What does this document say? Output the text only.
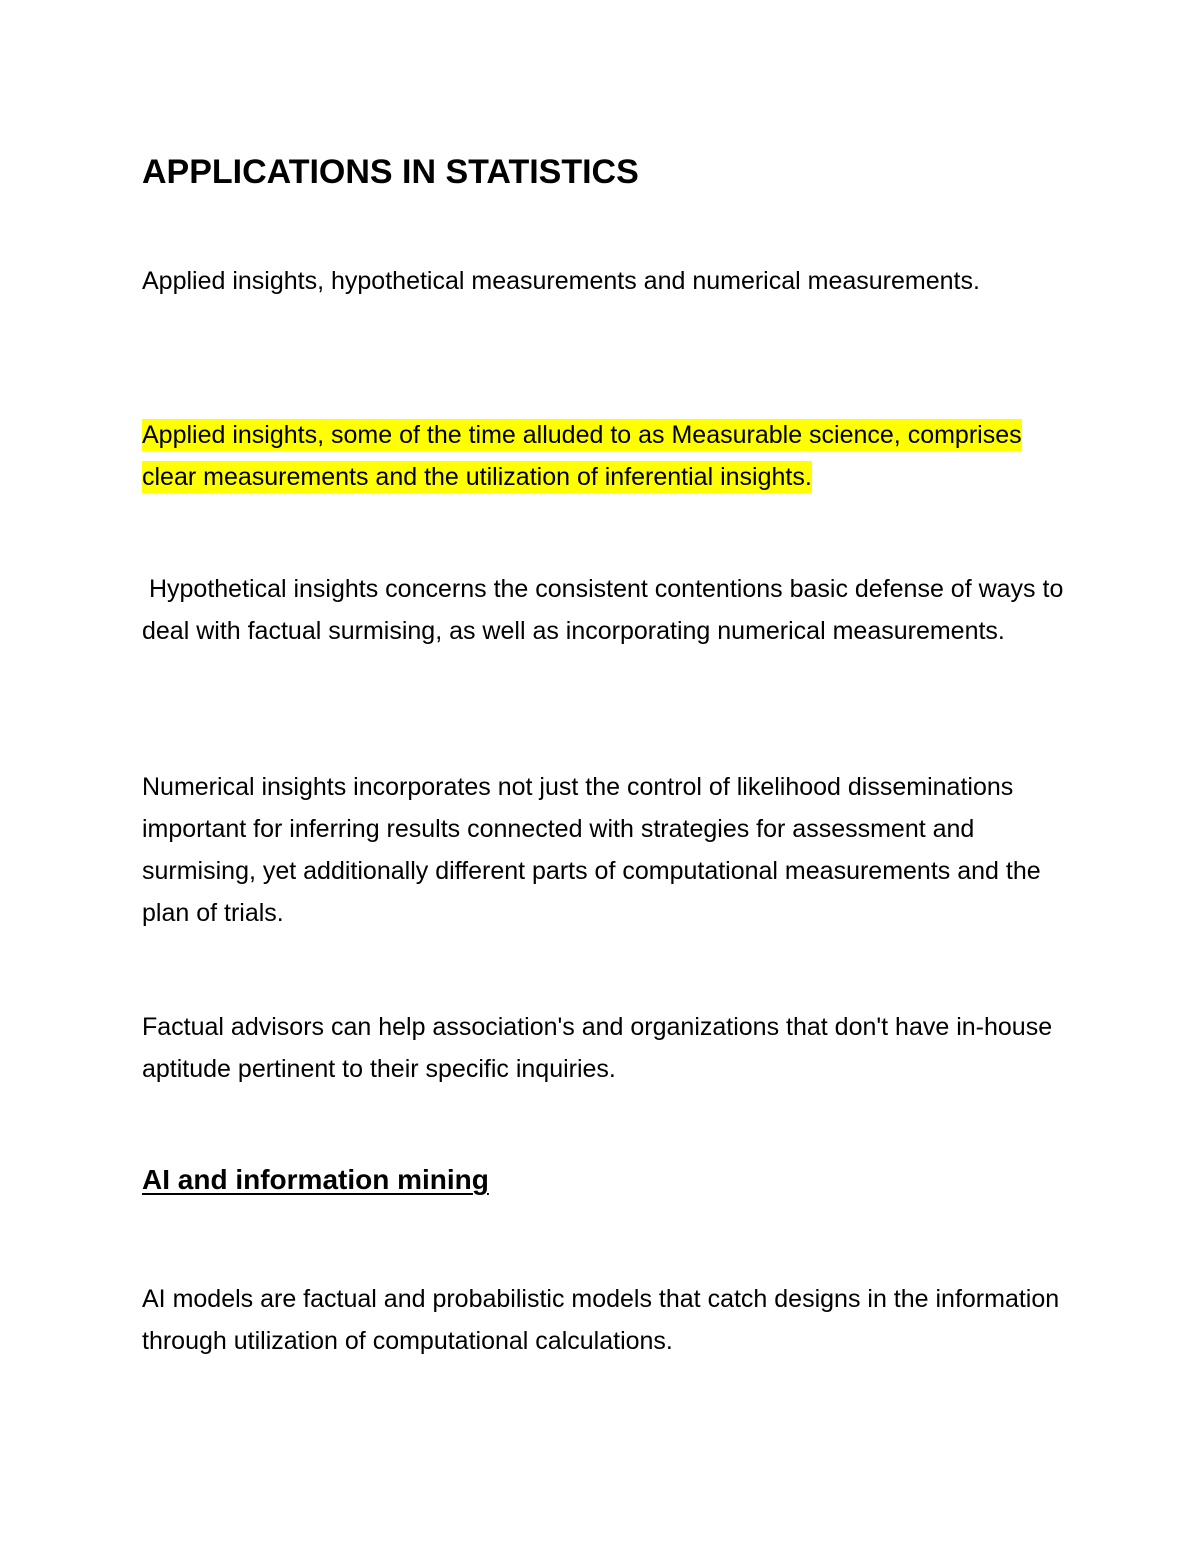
APPLICATIONS IN STATISTICS

Applied insights, hypothetical measurements and numerical measurements.

Applied insights, some of the time alluded to as Measurable science, comprises clear measurements and the utilization of inferential insights.

Hypothetical insights concerns the consistent contentions basic defense of ways to deal with factual surmising, as well as incorporating numerical measurements.

Numerical insights incorporates not just the control of likelihood disseminations important for inferring results connected with strategies for assessment and surmising, yet additionally different parts of computational measurements and the plan of trials.

Factual advisors can help association's and organizations that don't have in-house aptitude pertinent to their specific inquiries.

AI and information mining

AI models are factual and probabilistic models that catch designs in the information through utilization of computational calculations.
